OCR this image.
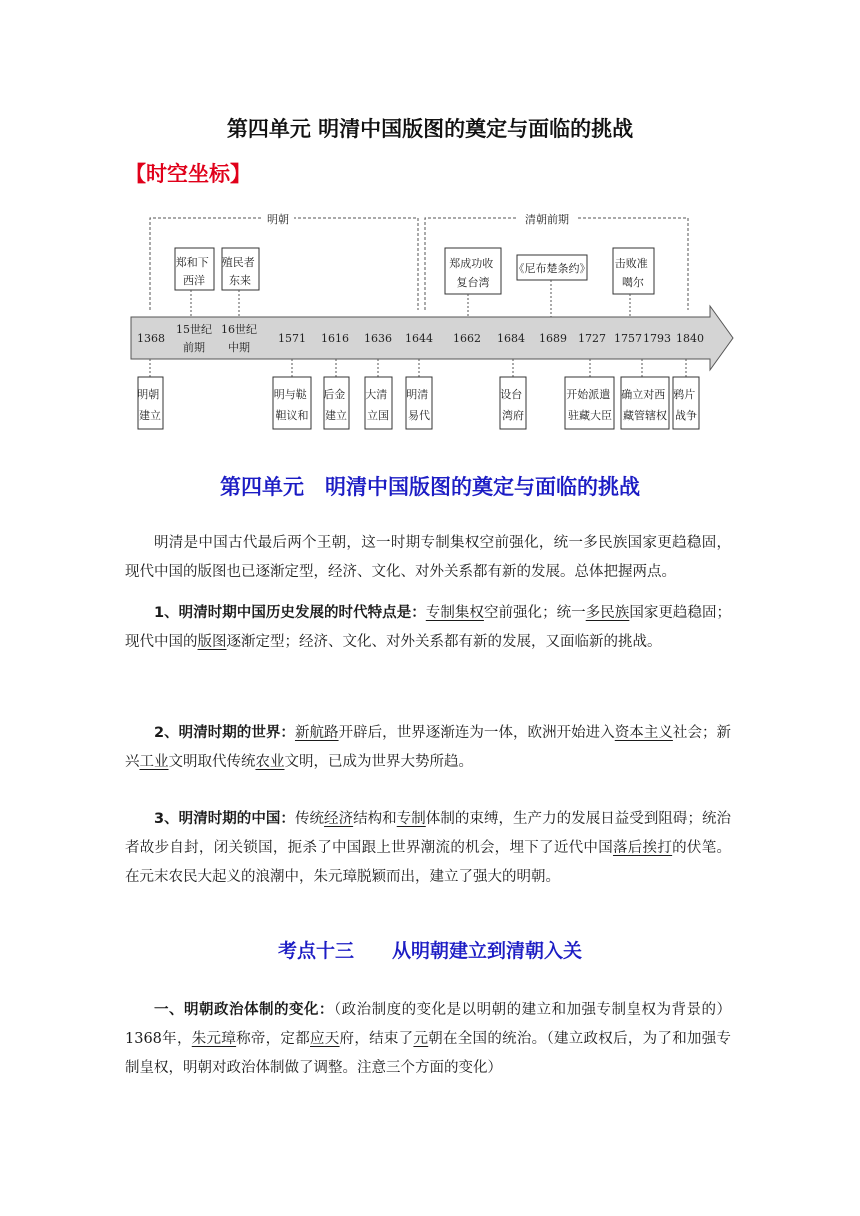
第四单元 明清中国版图的奠定与面临的挑战
【时空坐标】
明朝	清朝前期
郑和下 西洋
殖民者 东来
郑成功收 复台湾
《尼布楚条约》 击败准 噶尔
1368
15世纪
前期
16世纪
中期
1571 1616 1636 1644 1662 1684 1689 1727 1757 1793 1840
明朝 建立
明与鞑 靼议和
后金 建立
大清 立国
明清 易代
设台 湾府
开始派遣 驻藏大臣
确立对西 藏管辖权
鸦片 战争
第四单元　明清中国版图的奠定与面临的挑战
明清是中国古代最后两个王朝，这一时期专制集权空前强化，统一多民族国家更趋稳固，现代中国的版图也已逐渐定型，经济、文化、对外关系都有新的发展。总体把握两点。
1、明清时期中国历史发展的时代特点是：专制集权空前强化；统一多民族国家更趋稳固；现代中国的版图逐渐定型；经济、文化、对外关系都有新的发展，又面临新的挑战。
2、明清时期的世界：新航路开辟后，世界逐渐连为一体，欧洲开始进入资本主义社会；新兴工业文明取代传统农业文明，已成为世界大势所趋。
3、明清时期的中国：传统经济结构和专制体制的束缚，生产力的发展日益受到阻碍；统治者故步自封，闭关锁国，扼杀了中国跟上世界潮流的机会，埋下了近代中国落后挨打的伏笔。在元末农民大起义的浪潮中，朱元璋脱颖而出，建立了强大的明朝。
考点十三　　从明朝建立到清朝入关
一、明朝政治体制的变化：（政治制度的变化是以明朝的建立和加强专制皇权为背景的）1368年，朱元璋称帝，定都应天府，结束了元朝在全国的统治。（建立政权后，为了和加强专制皇权，明朝对政治体制做了调整。注意三个方面的变化）
